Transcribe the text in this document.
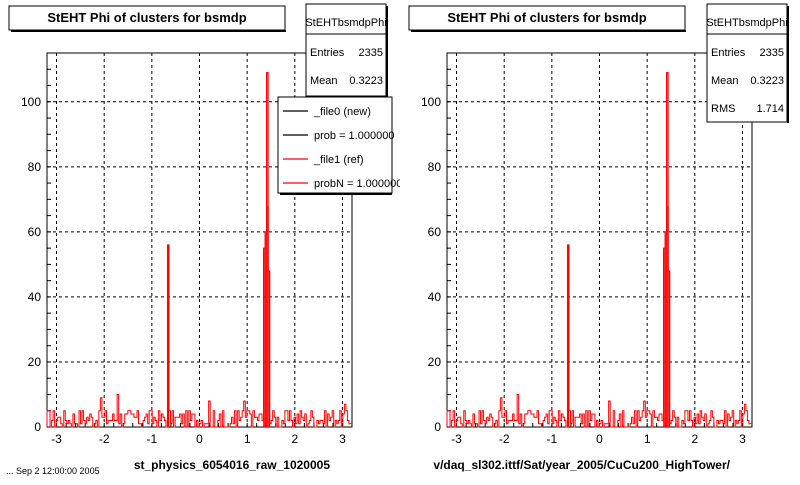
-3	-2	-1	0	1	2	3
0
20
40
60
80
100
st_physics_6054016_raw_1020005
StEHT Phi of clusters for bsmdp	StEHTbsmdpPhi
Entries 2335
Mean 0.3223
_file0 (new)
prob = 1.000000
_file1 (ref)
probN = 1.000000
-3	-2	-1	0	1	2	3
0
20
40
60
80
100
v/daq_sl302.ittf/Sat/year_2005/CuCu200_HighTower/
StEHT Phi of clusters for bsmdp	StEHTbsmdpPhi
Entries 2335
Mean 0.3223
RMS 1.714
... Sep 2 12:00:00 2005
